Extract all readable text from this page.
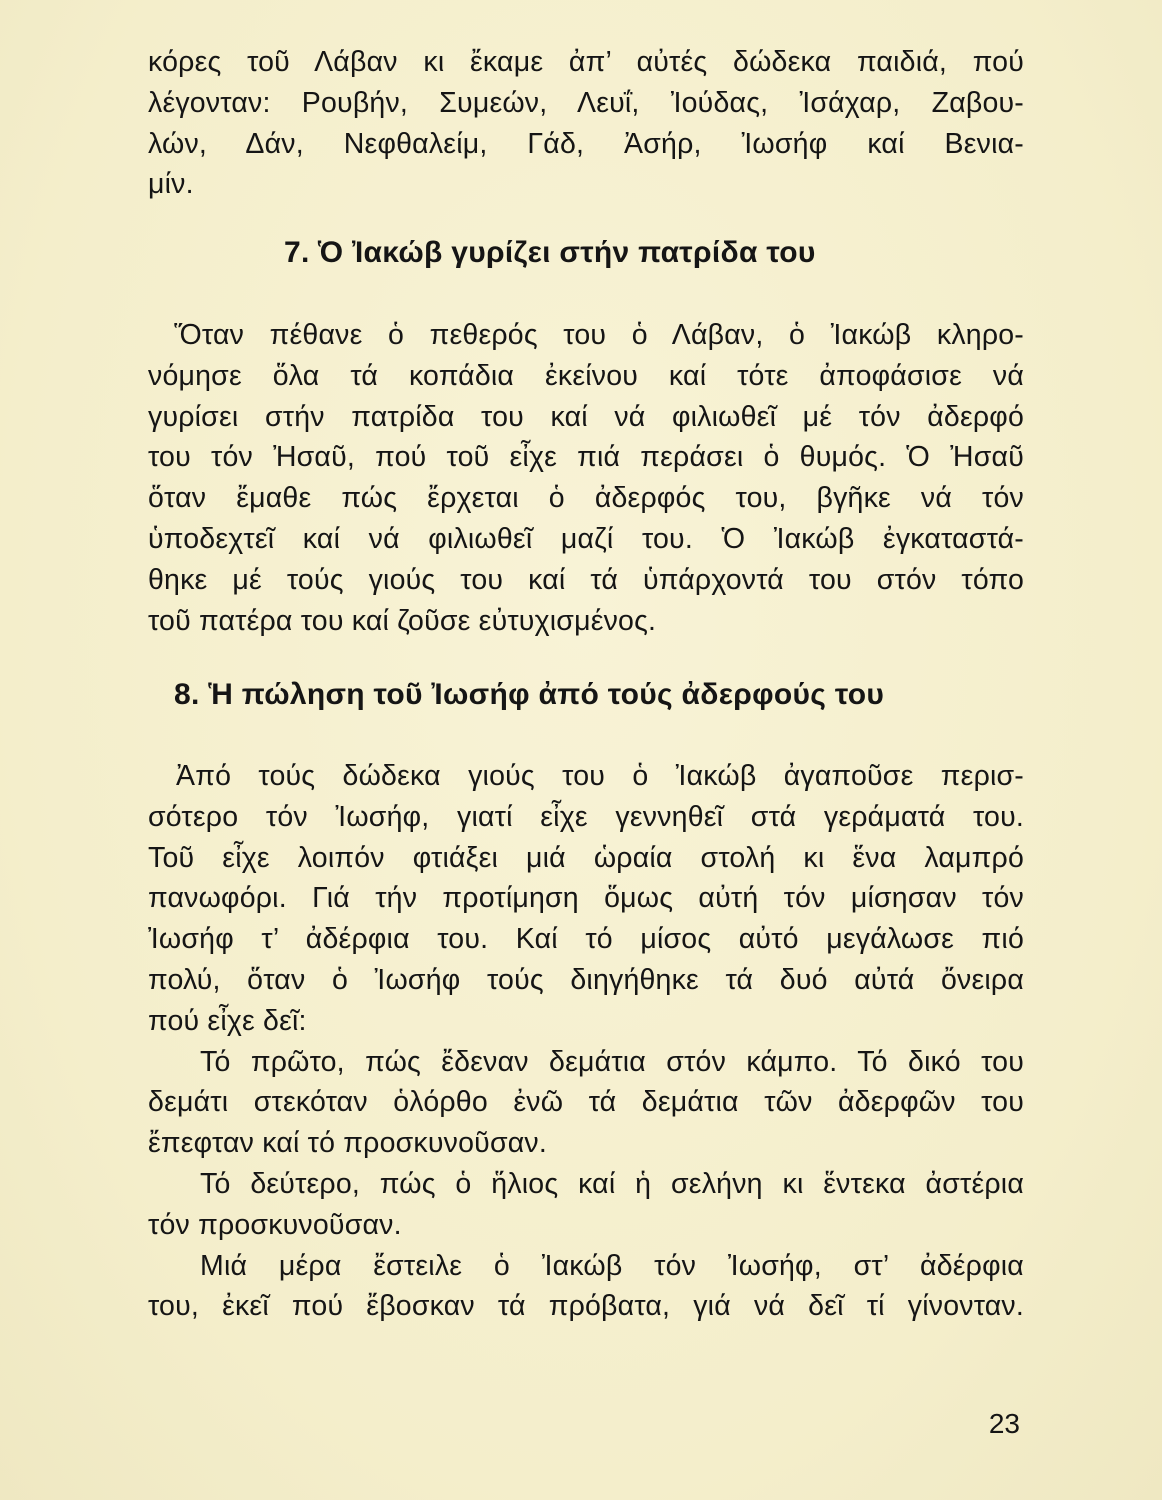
κόρες τοῦ Λάβαν κι ἔκαμε ἀπ’ αὐτές δώδεκα παιδιά, πού
λέγονταν: Ρουβήν, Συμεών, Λευΐ, Ἰούδας, Ἰσάχαρ, Ζαβου-
λών, Δάν, Νεφθαλείμ, Γάδ, Ἀσήρ, Ἰωσήφ καί Βενια-
μίν.
7. Ὁ Ἰακώβ γυρίζει στήν πατρίδα του
Ὅταν πέθανε ὁ πεθερός του ὁ Λάβαν, ὁ Ἰακώβ κληρο-
νόμησε ὅλα τά κοπάδια ἐκείνου καί τότε ἀποφάσισε νά
γυρίσει στήν πατρίδα του καί νά φιλιωθεῖ μέ τόν ἀδερφό
του τόν Ἠσαῦ, πού τοῦ εἶχε πιά περάσει ὁ θυμός. Ὁ Ἠσαῦ
ὅταν ἔμαθε πώς ἔρχεται ὁ ἀδερφός του, βγῆκε νά τόν
ὑποδεχτεῖ καί νά φιλιωθεῖ μαζί του. Ὁ Ἰακώβ ἐγκαταστά-
θηκε μέ τούς γιούς του καί τά ὑπάρχοντά του στόν τόπο
τοῦ πατέρα του καί ζοῦσε εὐτυχισμένος.
8. Ἡ πώληση τοῦ Ἰωσήφ ἀπό τούς ἀδερφούς του
Ἀπό τούς δώδεκα γιούς του ὁ Ἰακώβ ἀγαποῦσε περισ-
σότερο τόν Ἰωσήφ, γιατί εἶχε γεννηθεῖ στά γεράματά του.
Τοῦ εἶχε λοιπόν φτιάξει μιά ὡραία στολή κι ἕνα λαμπρό
πανωφόρι. Γιά τήν προτίμηση ὅμως αὐτή τόν μίσησαν τόν
Ἰωσήφ τ’ ἀδέρφια του. Καί τό μίσος αὐτό μεγάλωσε πιό
πολύ, ὅταν ὁ Ἰωσήφ τούς διηγήθηκε τά δυό αὐτά ὄνειρα
πού εἶχε δεῖ:
Τό πρῶτο, πώς ἔδεναν δεμάτια στόν κάμπο. Τό δικό του
δεμάτι στεκόταν ὁλόρθο ἐνῶ τά δεμάτια τῶν ἀδερφῶν του
ἔπεφταν καί τό προσκυνοῦσαν.
Τό δεύτερο, πώς ὁ ἥλιος καί ἡ σελήνη κι ἕντεκα ἀστέρια
τόν προσκυνοῦσαν.
Μιά μέρα ἔστειλε ὁ Ἰακώβ τόν Ἰωσήφ, στ’ ἀδέρφια
του, ἐκεῖ πού ἔβοσκαν τά πρόβατα, γιά νά δεῖ τί γίνονταν.
23
